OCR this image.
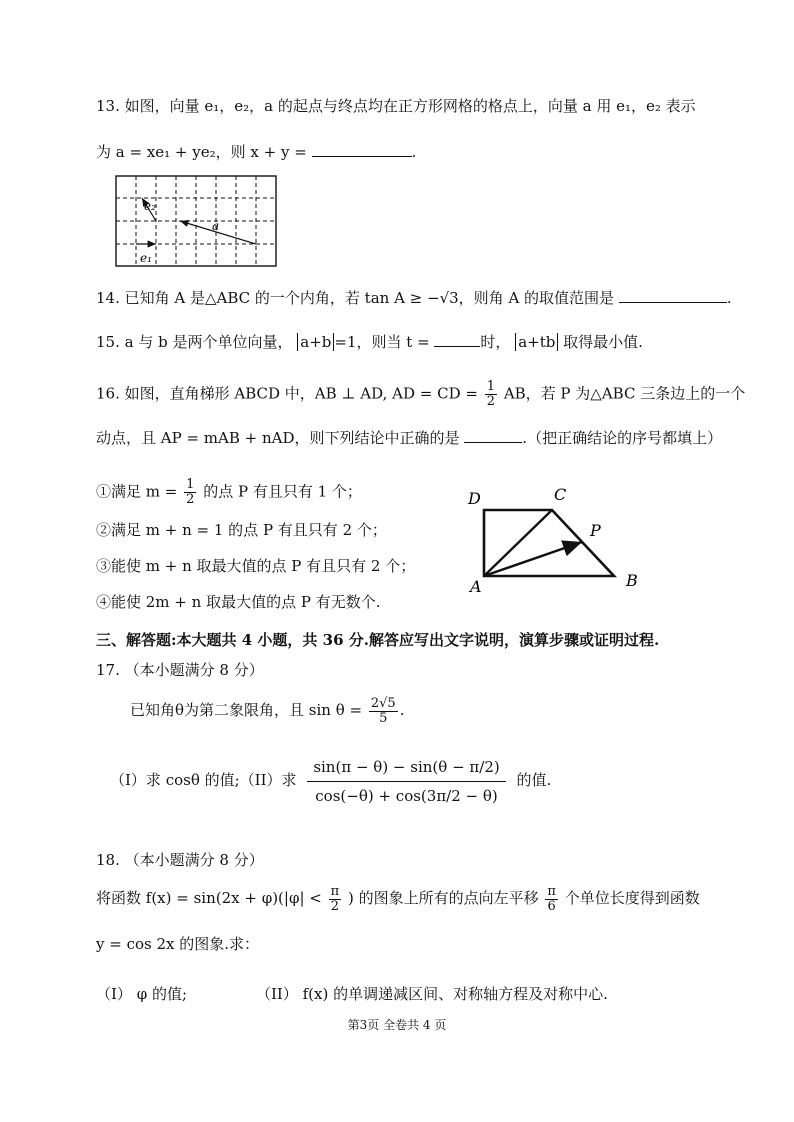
13. 如图，向量 e₁，e₂，a 的起点与终点均在正方形网格的格点上，向量 a 用 e₁，e₂ 表示
为 a = xe₁ + ye₂，则 x + y =	.
e₂
e₁
a
14. 已知角 A 是△ABC 的一个内角，若 tan A ≥ −√3，则角 A 的取值范围是	.
15. a 与 b 是两个单位向量， a+b =1，则当 t =	时， a+tb 取得最小值.
16. 如图，直角梯形 ABCD 中，AB ⊥ AD, AD = CD = $\frac{1}{2}$ AB，若 P 为△ABC 三条边上的一个
动点，且 AP = mAB + nAD，则下列结论中正确的是	.（把正确结论的序号都填上）
①满足 $m = \frac{1}{2}$ 的点 P 有且只有 1 个；
②满足 m + n = 1 的点 P 有且只有 2 个；
③能使 m + n 取最大值的点 P 有且只有 2 个；
④能使 2m + n 取最大值的点 P 有无数个.
D	C
P
A	B
三、解答题:本大题共 4 小题，共 36 分.解答应写出文字说明，演算步骤或证明过程.
17. （本小题满分 8 分）
已知角θ为第二象限角，且 $\sin \theta = \frac{2√5}{5}$ .
（I）求 cosθ 的值;（II）求 $\frac{\sin(\pi - \theta) - \sin(\theta - \pi/2)}{\cos(-\theta) + \cos(3\pi/2 - \theta)}$ 的值.
18. （本小题满分 8 分）
将函数 $f(x) = \sin(2x + \varphi)(|\varphi| < \frac{\pi}{2}$ ) 的图象上所有的点向左平移 $\frac{\pi}{6}$ 个单位长度得到函数
y = cos 2x 的图象.求：
（I） φ 的值;	（II） f(x) 的单调递减区间、对称轴方程及对称中心.
第3页 全卷共 4 页
